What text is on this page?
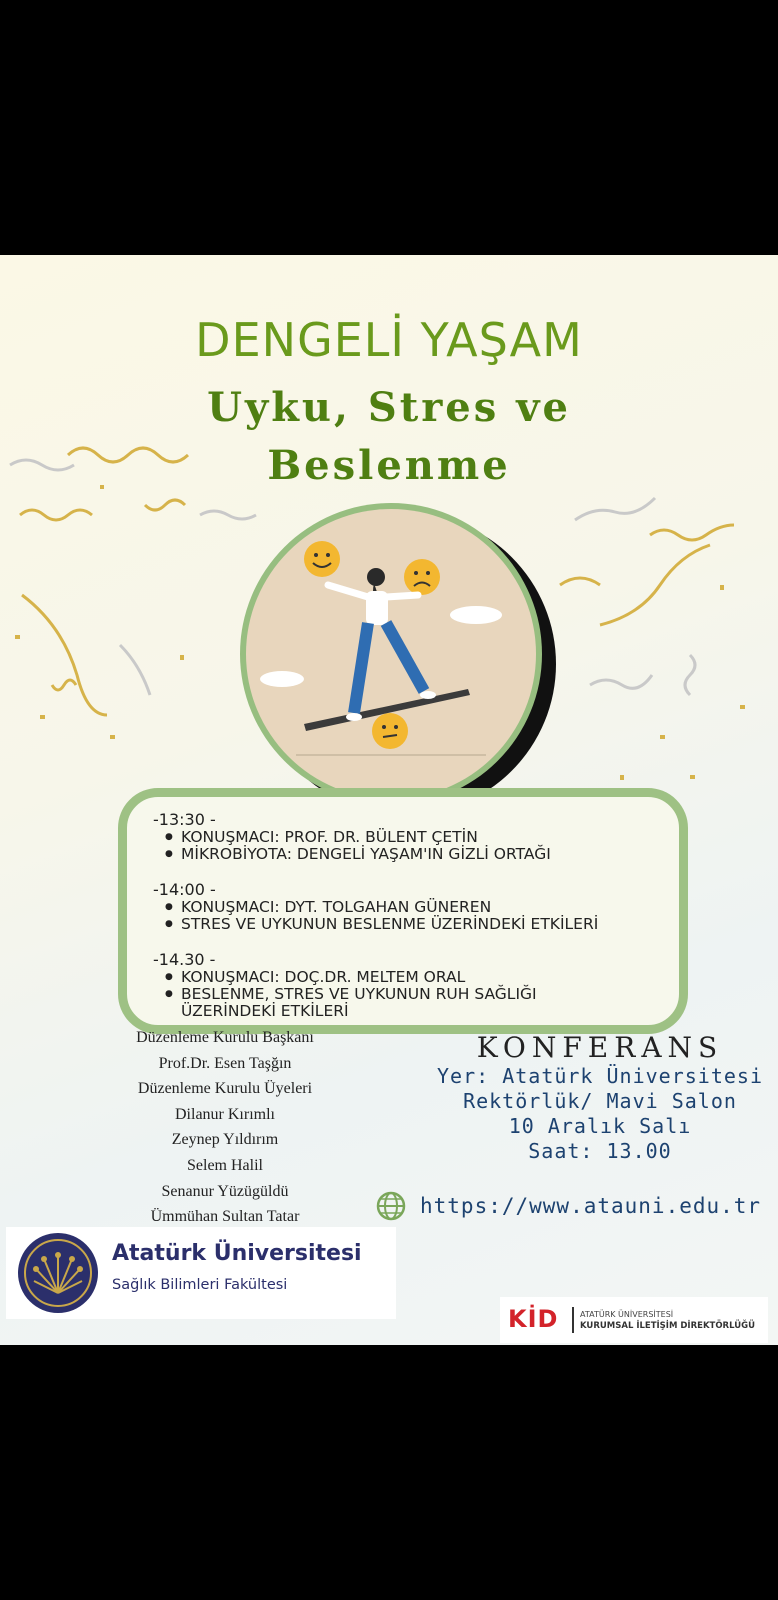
DENGELİ YAŞAM
Uyku, Stres ve
Beslenme
-13:30 -
● KONUŞMACI: PROF. DR. BÜLENT ÇETİN
● MİKROBİYOTA: DENGELİ YAŞAM'IN GİZLİ ORTAĞI
-14:00 -
● KONUŞMACI: DYT. TOLGAHAN GÜNEREN
● STRES VE UYKUNUN BESLENME ÜZERİNDEKİ ETKİLERİ
-14.30 -
● KONUŞMACI: DOÇ.DR. MELTEM ORAL
● BESLENME, STRES VE UYKUNUN RUH SAĞLIĞI ÜZERİNDEKİ ETKİLERİ
Düzenleme Kurulu Başkanı
Prof.Dr. Esen Taşğın
Düzenleme Kurulu Üyeleri
Dilanur Kırımlı
Zeynep Yıldırım
Selem Halil
Senanur Yüzügüldü
Ümmühan Sultan Tatar
KONFERANS
Yer: Atatürk Üniversitesi
Rektörlük/ Mavi Salon
10 Aralık Salı
Saat: 13.00
https://www.atauni.edu.tr
Atatürk Üniversitesi
Sağlık Bilimleri Fakültesi
KİD	ATATÜRK ÜNİVERSİTESİ
KURUMSAL İLETİŞİM DİREKTÖRLÜĞÜ
